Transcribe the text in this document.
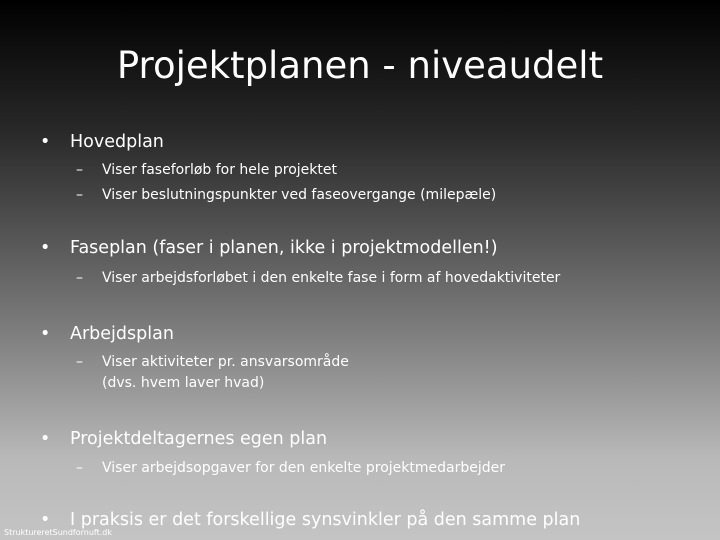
Projektplanen - niveaudelt
• Hovedplan
– Viser faseforløb for hele projektet
– Viser beslutningspunkter ved faseovergange (milepæle)
• Faseplan (faser i planen, ikke i projektmodellen!)
– Viser arbejdsforløbet i den enkelte fase i form af hovedaktiviteter
• Arbejdsplan
– Viser aktiviteter pr. ansvarsområde
(dvs. hvem laver hvad)
• Projektdeltagernes egen plan
– Viser arbejdsopgaver for den enkelte projektmedarbejder
• I praksis er det forskellige synsvinkler på den samme plan
StruktureretSundfornuft.dk
